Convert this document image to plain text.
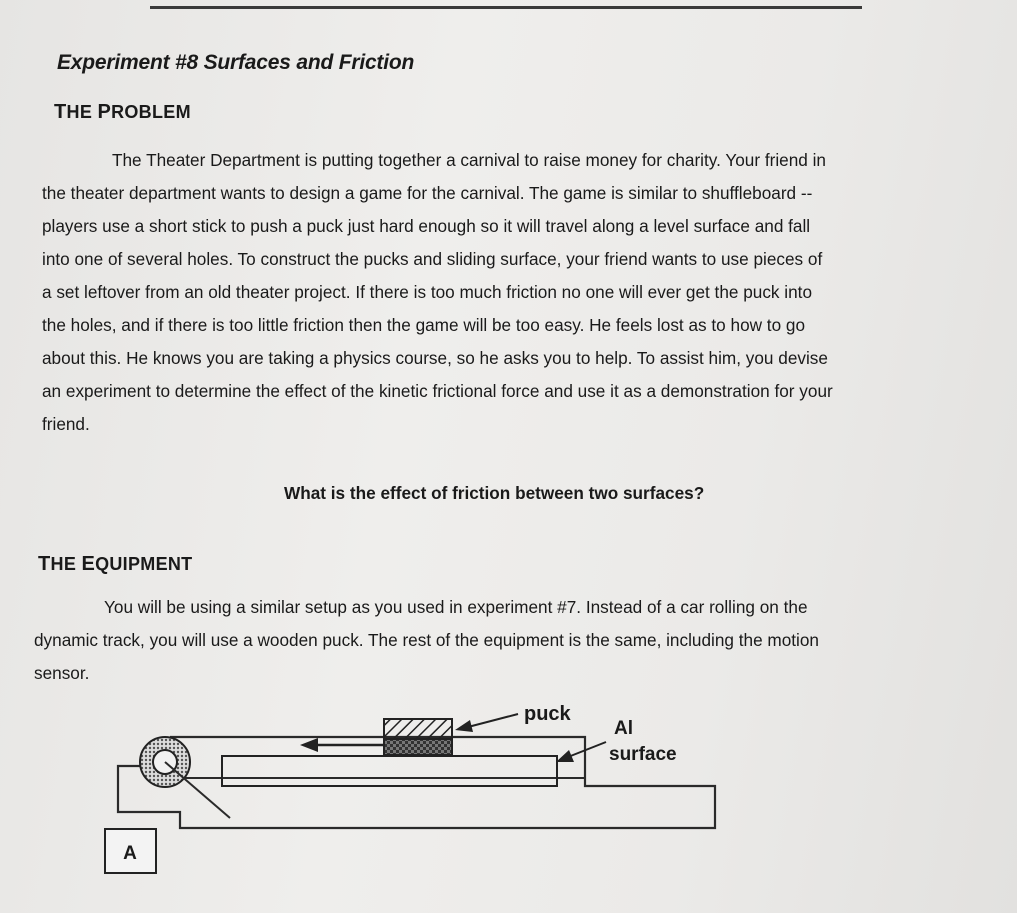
Experiment #8 Surfaces and Friction
THE PROBLEM

The Theater Department is putting together a carnival to raise money for charity. Your friend in
the theater department wants to design a game for the carnival. The game is similar to shuffleboard --
players use a short stick to push a puck just hard enough so it will travel along a level surface and fall
into one of several holes. To construct the pucks and sliding surface, your friend wants to use pieces of
a set leftover from an old theater project. If there is too much friction no one will ever get the puck into
the holes, and if there is too little friction then the game will be too easy. He feels lost as to how to go
about this. He knows you are taking a physics course, so he asks you to help. To assist him, you devise
an experiment to determine the effect of the kinetic frictional force and use it as a demonstration for your
friend.

What is the effect of friction between two surfaces?

THE EQUIPMENT

You will be using a similar setup as you used in experiment #7. Instead of a car rolling on the
dynamic track, you will use a wooden puck. The rest of the equipment is the same, including the motion
sensor.

puck
Al
surface
A
